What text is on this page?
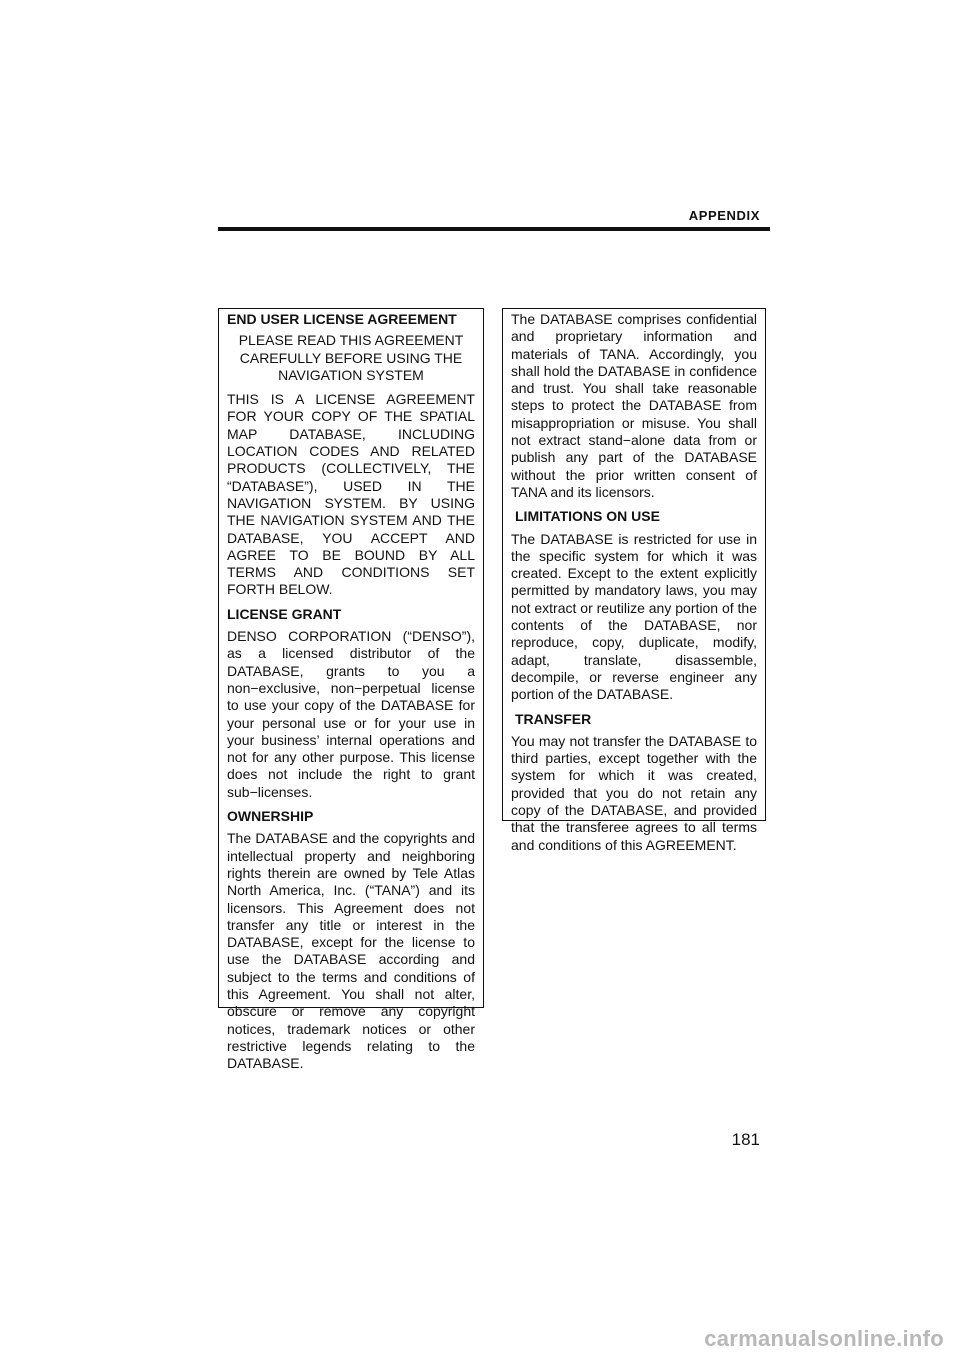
APPENDIX

END USER LICENSE AGREEMENT

PLEASE READ THIS AGREEMENT CAREFULLY BEFORE USING THE NAVIGATION SYSTEM

THIS IS A LICENSE AGREEMENT FOR YOUR COPY OF THE SPATIAL MAP DATABASE, INCLUDING LOCATION CODES AND RELATED PRODUCTS (COLLECTIVELY, THE “DATABASE”), USED IN THE NAVIGATION SYSTEM. BY USING THE NAVIGATION SYSTEM AND THE DATABASE, YOU ACCEPT AND AGREE TO BE BOUND BY ALL TERMS AND CONDITIONS SET FORTH BELOW.

LICENSE GRANT

DENSO CORPORATION (“DENSO”), as a licensed distributor of the DATABASE, grants to you a non−exclusive, non−perpetual license to use your copy of the DATABASE for your personal use or for your use in your business’ internal operations and not for any other purpose. This license does not include the right to grant sub−licenses.

OWNERSHIP

The DATABASE and the copyrights and intellectual property and neighboring rights therein are owned by Tele Atlas North America, Inc. (“TANA”) and its licensors. This Agreement does not transfer any title or interest in the DATABASE, except for the license to use the DATABASE according and subject to the terms and conditions of this Agreement. You shall not alter, obscure or remove any copyright notices, trademark notices or other restrictive legends relating to the DATABASE.

The DATABASE comprises confidential and proprietary information and materials of TANA. Accordingly, you shall hold the DATABASE in confidence and trust. You shall take reasonable steps to protect the DATABASE from misappropriation or misuse. You shall not extract stand−alone data from or publish any part of the DATABASE without the prior written consent of TANA and its licensors.

LIMITATIONS ON USE

The DATABASE is restricted for use in the specific system for which it was created. Except to the extent explicitly permitted by mandatory laws, you may not extract or reutilize any portion of the contents of the DATABASE, nor reproduce, copy, duplicate, modify, adapt, translate, disassemble, decompile, or reverse engineer any portion of the DATABASE.

TRANSFER

You may not transfer the DATABASE to third parties, except together with the system for which it was created, provided that you do not retain any copy of the DATABASE, and provided that the transferee agrees to all terms and conditions of this AGREEMENT.

181
carmanualsonline.info
